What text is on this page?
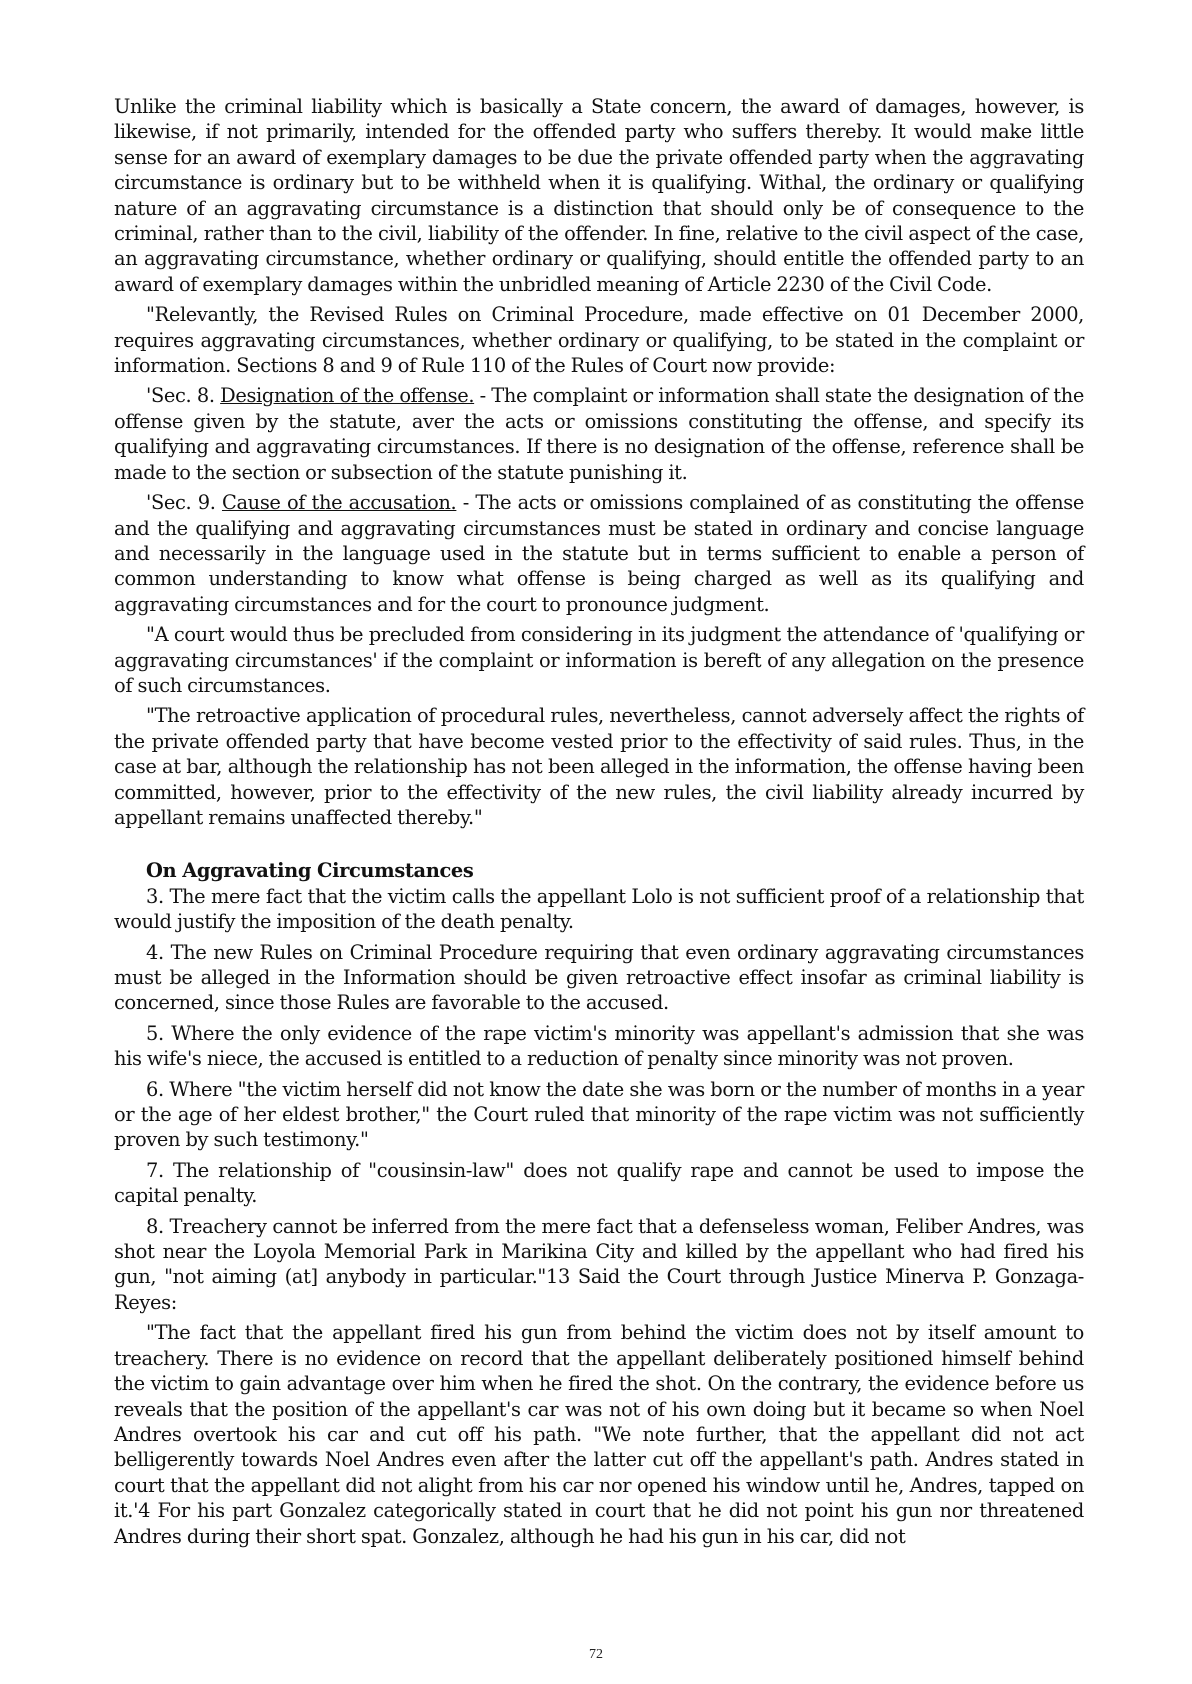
Unlike the criminal liability which is basically a State concern, the award of damages, however, is likewise, if not primarily, intended for the offended party who suffers thereby. It would make little sense for an award of exemplary damages to be due the private offended party when the aggravating circumstance is ordinary but to be withheld when it is qualifying. Withal, the ordinary or qualifying nature of an aggravating circumstance is a distinction that should only be of consequence to the criminal, rather than to the civil, liability of the offender. In fine, relative to the civil aspect of the case, an aggravating circumstance, whether ordinary or qualifying, should entitle the offended party to an award of exemplary damages within the unbridled meaning of Article 2230 of the Civil Code.

"Relevantly, the Revised Rules on Criminal Procedure, made effective on 01 December 2000, requires aggravating circumstances, whether ordinary or qualifying, to be stated in the complaint or information. Sections 8 and 9 of Rule 110 of the Rules of Court now provide:

'Sec. 8. Designation of the offense. - The complaint or information shall state the designation of the offense given by the statute, aver the acts or omissions constituting the offense, and specify its qualifying and aggravating circumstances. If there is no designation of the offense, reference shall be made to the section or subsection of the statute punishing it.

'Sec. 9. Cause of the accusation. - The acts or omissions complained of as constituting the offense and the qualifying and aggravating circumstances must be stated in ordinary and concise language and necessarily in the language used in the statute but in terms sufficient to enable a person of common understanding to know what offense is being charged as well as its qualifying and aggravating circumstances and for the court to pronounce judgment.

"A court would thus be precluded from considering in its judgment the attendance of 'qualifying or aggravating circumstances' if the complaint or information is bereft of any allegation on the presence of such circumstances.

"The retroactive application of procedural rules, nevertheless, cannot adversely affect the rights of the private offended party that have become vested prior to the effectivity of said rules. Thus, in the case at bar, although the relationship has not been alleged in the information, the offense having been committed, however, prior to the effectivity of the new rules, the civil liability already incurred by appellant remains unaffected thereby."

On Aggravating Circumstances

3. The mere fact that the victim calls the appellant Lolo is not sufficient proof of a relationship that would justify the imposition of the death penalty.

4. The new Rules on Criminal Procedure requiring that even ordinary aggravating circumstances must be alleged in the Information should be given retroactive effect insofar as criminal liability is concerned, since those Rules are favorable to the accused.

5. Where the only evidence of the rape victim's minority was appellant's admission that she was his wife's niece, the accused is entitled to a reduction of penalty since minority was not proven.

6. Where "the victim herself did not know the date she was born or the number of months in a year or the age of her eldest brother," the Court ruled that minority of the rape victim was not sufficiently proven by such testimony."

7. The relationship of "cousinsin-law" does not qualify rape and cannot be used to impose the capital penalty.

8. Treachery cannot be inferred from the mere fact that a defenseless woman, Feliber Andres, was shot near the Loyola Memorial Park in Marikina City and killed by the appellant who had fired his gun, "not aiming (at] anybody in particular."13 Said the Court through Justice Minerva P. Gonzaga-Reyes:

"The fact that the appellant fired his gun from behind the victim does not by itself amount to treachery. There is no evidence on record that the appellant deliberately positioned himself behind the victim to gain advantage over him when he fired the shot. On the contrary, the evidence before us reveals that the position of the appellant's car was not of his own doing but it became so when Noel Andres overtook his car and cut off his path. "We note further, that the appellant did not act belligerently towards Noel Andres even after the latter cut off the appellant's path. Andres stated in court that the appellant did not alight from his car nor opened his window until he, Andres, tapped on it.'4 For his part Gonzalez categorically stated in court that he did not point his gun nor threatened Andres during their short spat. Gonzalez, although he had his gun in his car, did not

72
